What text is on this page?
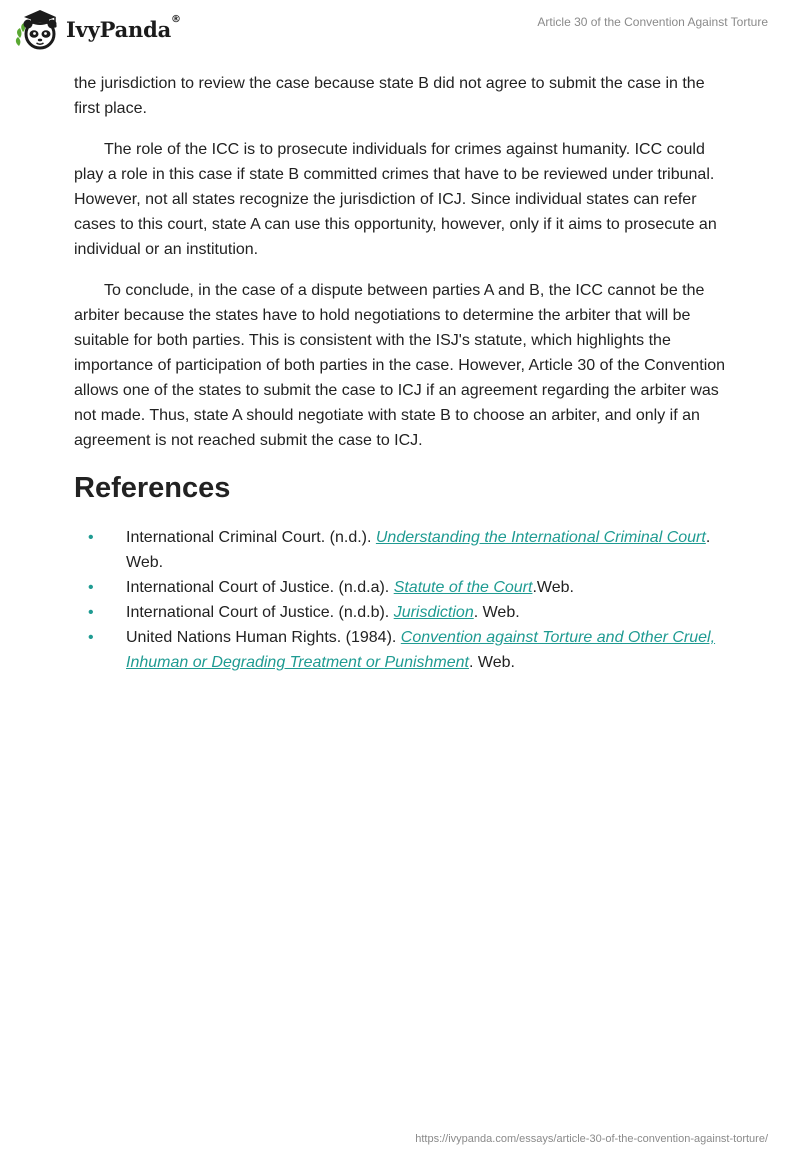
IvyPanda®	Article 30 of the Convention Against Torture

the jurisdiction to review the case because state B did not agree to submit the case in the first place.

The role of the ICC is to prosecute individuals for crimes against humanity. ICC could play a role in this case if state B committed crimes that have to be reviewed under tribunal. However, not all states recognize the jurisdiction of ICJ. Since individual states can refer cases to this court, state A can use this opportunity, however, only if it aims to prosecute an individual or an institution.

To conclude, in the case of a dispute between parties A and B, the ICC cannot be the arbiter because the states have to hold negotiations to determine the arbiter that will be suitable for both parties. This is consistent with the ISJ's statute, which highlights the importance of participation of both parties in the case. However, Article 30 of the Convention allows one of the states to submit the case to ICJ if an agreement regarding the arbiter was not made. Thus, state A should negotiate with state B to choose an arbiter, and only if an agreement is not reached submit the case to ICJ.

References
• International Criminal Court. (n.d.). Understanding the International Criminal Court. Web.
• International Court of Justice. (n.d.a). Statute of the Court.Web.
• International Court of Justice. (n.d.b). Jurisdiction. Web.
• United Nations Human Rights. (1984). Convention against Torture and Other Cruel, Inhuman or Degrading Treatment or Punishment. Web.
https://ivypanda.com/essays/article-30-of-the-convention-against-torture/
